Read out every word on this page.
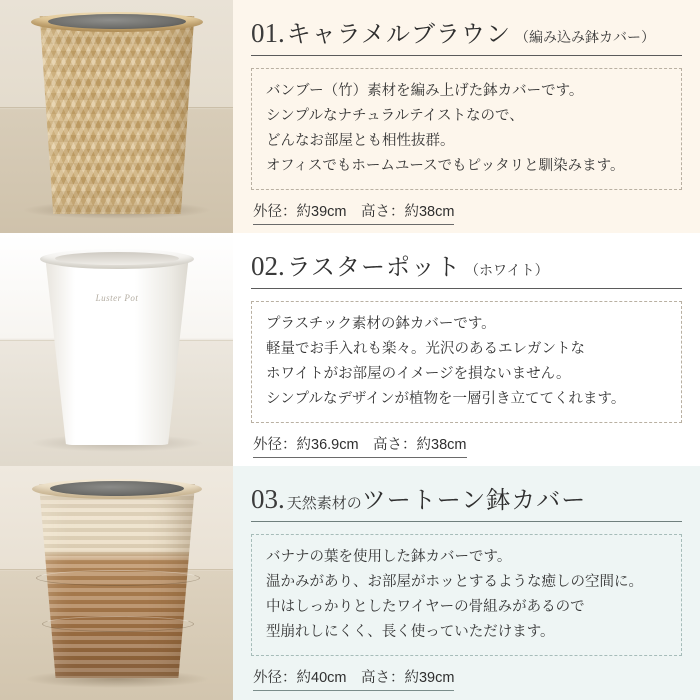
01. キャラメルブラウン （編み込み鉢カバー）
バンブー（竹）素材を編み上げた鉢カバーです。
シンプルなナチュラルテイストなので、
どんなお部屋とも相性抜群。
オフィスでもホームユースでもピッタリと馴染みます。
外径：約39cm　高さ：約38cm
Luster Pot
02. ラスターポット （ホワイト）
プラスチック素材の鉢カバーです。
軽量でお手入れも楽々。光沢のあるエレガントな
ホワイトがお部屋のイメージを損ないません。
シンプルなデザインが植物を一層引き立ててくれます。
外径：約36.9cm　高さ：約38cm
03. 天然素材の ツートーン鉢カバー
バナナの葉を使用した鉢カバーです。
温かみがあり、お部屋がホッとするような癒しの空間に。
中はしっかりとしたワイヤーの骨組みがあるので
型崩れしにくく、長く使っていただけます。
外径：約40cm　高さ：約39cm
